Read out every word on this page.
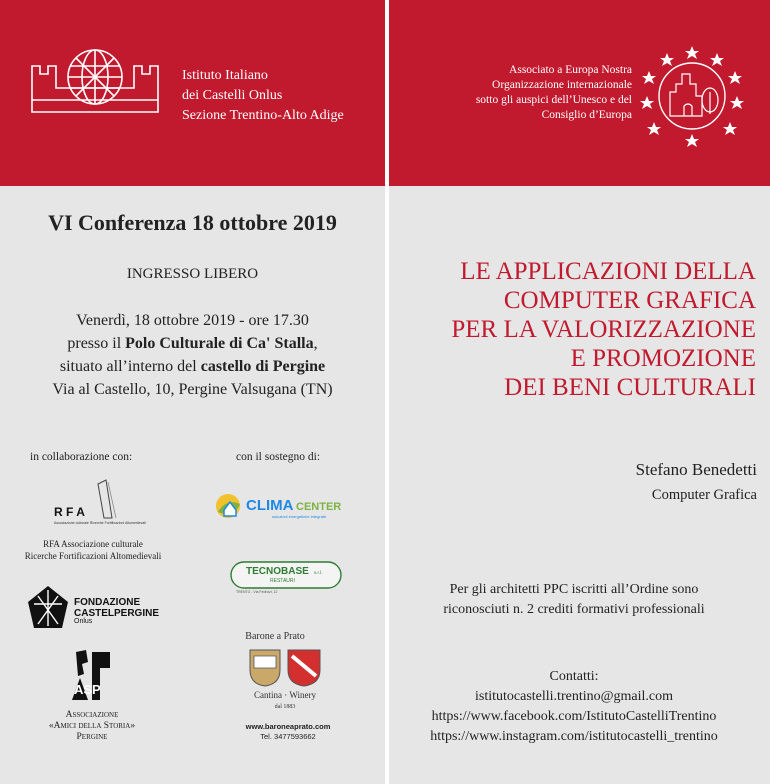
Istituto Italiano
dei Castelli Onlus
Sezione Trentino-Alto Adige
Associato a Europa Nostra
Organizzazione internazionale
sotto gli auspici dell’Unesco e del
Consiglio d’Europa
VI Conferenza 18 ottobre 2019
INGRESSO LIBERO
Venerdì, 18 ottobre 2019 - ore 17.30
presso il Polo Culturale di Ca' Stalla,
situato all’interno del castello di Pergine
Via al Castello, 10, Pergine Valsugana (TN)
in collaborazione con:	con il sostegno di:
R F A
Associazione culturale Ricerche Fortificazioni Altomedievali
RFA Associazione culturale
Ricerche Fortificazioni Altomedievali
FONDAZIONE
CASTELPERGINE
Onlus
ASP
Associazione
«Amici della Storia»
Pergine
CLIMA CENTER
soluzioni energetiche integrate
TECNOBASE s.r.l.
RESTAURI
TRENTO - Via Fedrizzi, 12
Barone a Prato
Cantina · Winery
dal 1883
www.baroneaprato.com
Tel. 3477593662
LE APPLICAZIONI DELLA
COMPUTER GRAFICA
PER LA VALORIZZAZIONE
E PROMOZIONE
DEI BENI CULTURALI
Stefano Benedetti
Computer Grafica
Per gli architetti PPC iscritti all’Ordine sono
riconosciuti n. 2 crediti formativi professionali
Contatti:
istitutocastelli.trentino@gmail.com
https://www.facebook.com/IstitutoCastelliTrentino
https://www.instagram.com/istitutocastelli_trentino
